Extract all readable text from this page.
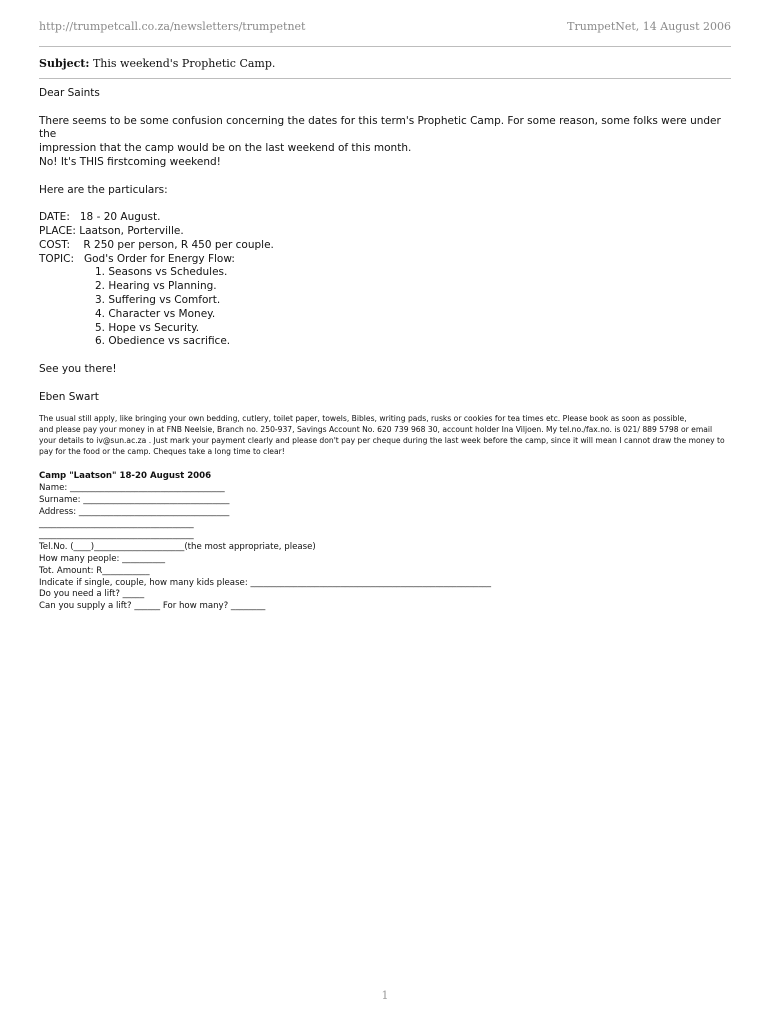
http://trumpetcall.co.za/newsletters/trumpetnet	TrumpetNet, 14 August 2006
Subject: This weekend's Prophetic Camp.

Dear Saints

There seems to be some confusion concerning the dates for this term's Prophetic Camp. For some reason, some folks were under the

impression that the camp would be on the last weekend of this month.

No! It's THIS firstcoming weekend!

Here are the particulars:

DATE:   18 - 20 August.

PLACE: Laatson, Porterville.

COST:    R 250 per person, R 450 per couple.

TOPIC:   God's Order for Energy Flow:

1. Seasons vs Schedules.
2. Hearing vs Planning.
3. Suffering vs Comfort.
4. Character vs Money.
5. Hope vs Security.
6. Obedience vs sacrifice.

See you there!

Eben Swart

The usual still apply, like bringing your own bedding, cutlery, toilet paper, towels, Bibles, writing pads, rusks or cookies for tea times etc. Please book as soon as possible,

and please pay your money in at FNB Neelsie, Branch no. 250-937, Savings Account No. 620 739 968 30, account holder Ina Viljoen. My tel.no./fax.no. is 021/ 889 5798 or email

your details to iv@sun.ac.za . Just mark your payment clearly and please don't pay per cheque during the last week before the camp, since it will mean I cannot draw the money to

pay for the food or the camp. Cheques take a long time to clear!

Camp "Laatson" 18-20 August 2006

Name: ____________________________________

Surname: __________________________________

Address: ___________________________________

____________________________________

____________________________________

Tel.No. (____)_____________________(the most appropriate, please)

How many people: __________

Tot. Amount: R___________

Indicate if single, couple, how many kids please: ________________________________________________________

Do you need a lift? _____

Can you supply a lift? ______ For how many? ________

1
